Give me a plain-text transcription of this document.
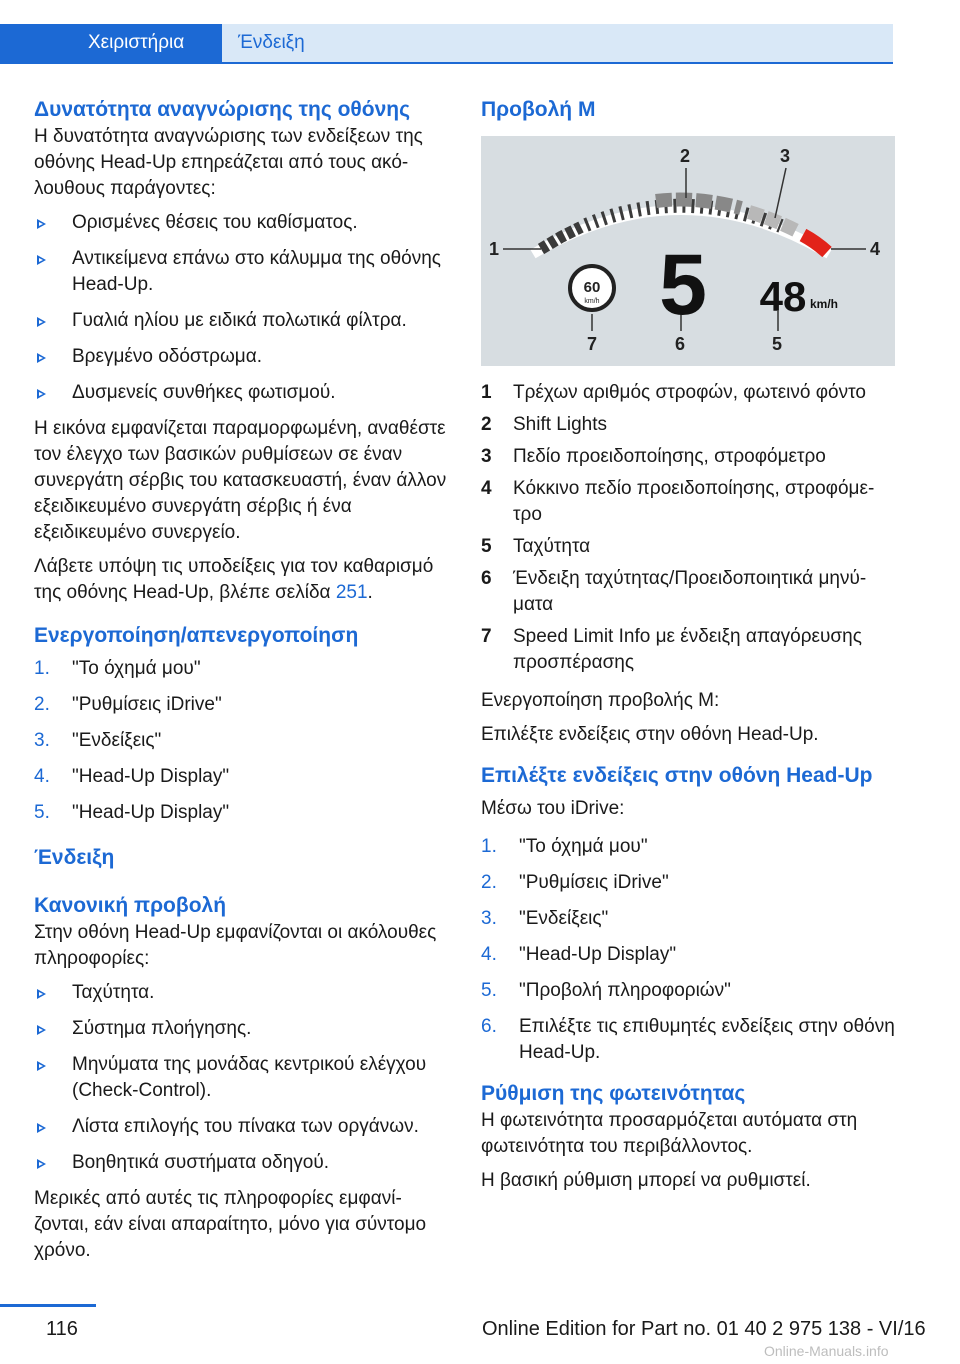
Χειριστήρια	Ένδειξη
Δυνατότητα αναγνώρισης της οθόνης

Η δυνατότητα αναγνώρισης των ενδείξεων της οθόνης Head-Up επηρεάζεται από τους ακόλουθους παράγοντες:

Ορισμένες θέσεις του καθίσματος.
Αντικείμενα επάνω στο κάλυμμα της οθόνης Head-Up.
Γυαλιά ηλίου με ειδικά πολωτικά φίλτρα.
Βρεγμένο οδόστρωμα.
Δυσμενείς συνθήκες φωτισμού.

Η εικόνα εμφανίζεται παραμορφωμένη, αναθέστε τον έλεγχο των βασικών ρυθμίσεων σε έναν συνεργάτη σέρβις του κατασκευαστή, έναν άλλον εξειδικευμένο συνεργάτη σέρβις ή ένα εξειδικευμένο συνεργείο.

Λάβετε υπόψη τις υποδείξεις για τον καθαρισμό της οθόνης Head-Up, βλέπε σελίδα 251.

Ενεργοποίηση/απενεργοποίηση
1. "Το όχημά μου"
2. "Ρυθμίσεις iDrive"
3. "Ενδείξεις"
4. "Head-Up Display"
5. "Head-Up Display"
Ένδειξη
Κανονική προβολή

Στην οθόνη Head-Up εμφανίζονται οι ακόλουθες πληροφορίες:

Ταχύτητα.
Σύστημα πλοήγησης.
Μηνύματα της μονάδας κεντρικού ελέγχου (Check-Control).
Λίστα επιλογής του πίνακα των οργάνων.
Βοηθητικά συστήματα οδηγού.

Μερικές από αυτές τις πληροφορίες εμφανίζονται, εάν είναι απαραίτητο, μόνο για σύντομο χρόνο.

Προβολή M
1
2	3
4
5
6
7
60
km/h 5 48 km/h
1 Τρέχων αριθμός στροφών, φωτεινό φόντο
2 Shift Lights
3 Πεδίο προειδοποίησης, στροφόμετρο
4 Κόκκινο πεδίο προειδοποίησης, στροφόμετρο
5 Ταχύτητα
6 Ένδειξη ταχύτητας/Προειδοποιητικά μηνύματα
7 Speed Limit Info με ένδειξη απαγόρευσης προσπέρασης

Ενεργοποίηση προβολής M:

Επιλέξτε ενδείξεις στην οθόνη Head-Up.

Επιλέξτε ενδείξεις στην οθόνη Head-Up

Μέσω του iDrive:

1. "Το όχημά μου"
2. "Ρυθμίσεις iDrive"
3. "Ενδείξεις"
4. "Head-Up Display"
5. "Προβολή πληροφοριών"
6. Επιλέξτε τις επιθυμητές ενδείξεις στην οθόνη Head-Up.
Ρύθμιση της φωτεινότητας

Η φωτεινότητα προσαρμόζεται αυτόματα στη φωτεινότητα του περιβάλλοντος.

Η βασική ρύθμιση μπορεί να ρυθμιστεί.

116	Online Edition for Part no. 01 40 2 975 138 - VI/16
Online-Manuals.info
